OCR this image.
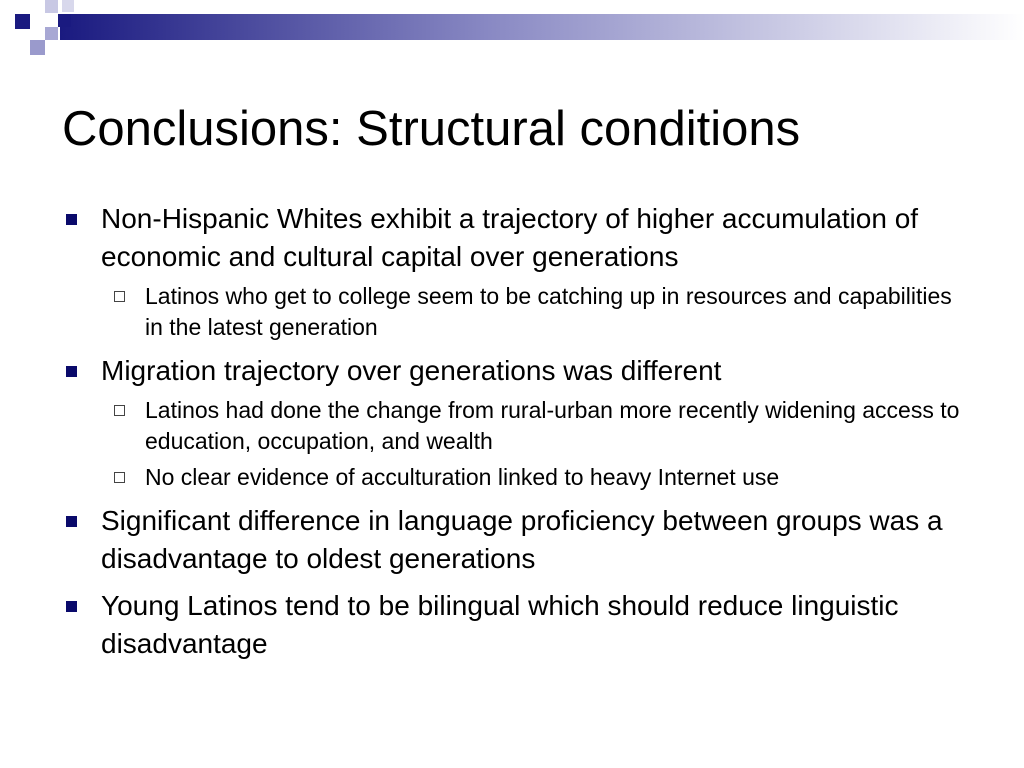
Conclusions: Structural conditions
Non-Hispanic Whites exhibit a trajectory of higher accumulation of economic and cultural capital over generations
Latinos who get to college seem to be catching up in resources and capabilities in the latest generation
Migration trajectory over generations was different
Latinos had done the change from rural-urban more recently widening access to education, occupation, and wealth
No clear evidence of acculturation linked to heavy Internet use
Significant difference in language proficiency between groups was a disadvantage to oldest generations
Young Latinos tend to be bilingual which should reduce linguistic disadvantage
